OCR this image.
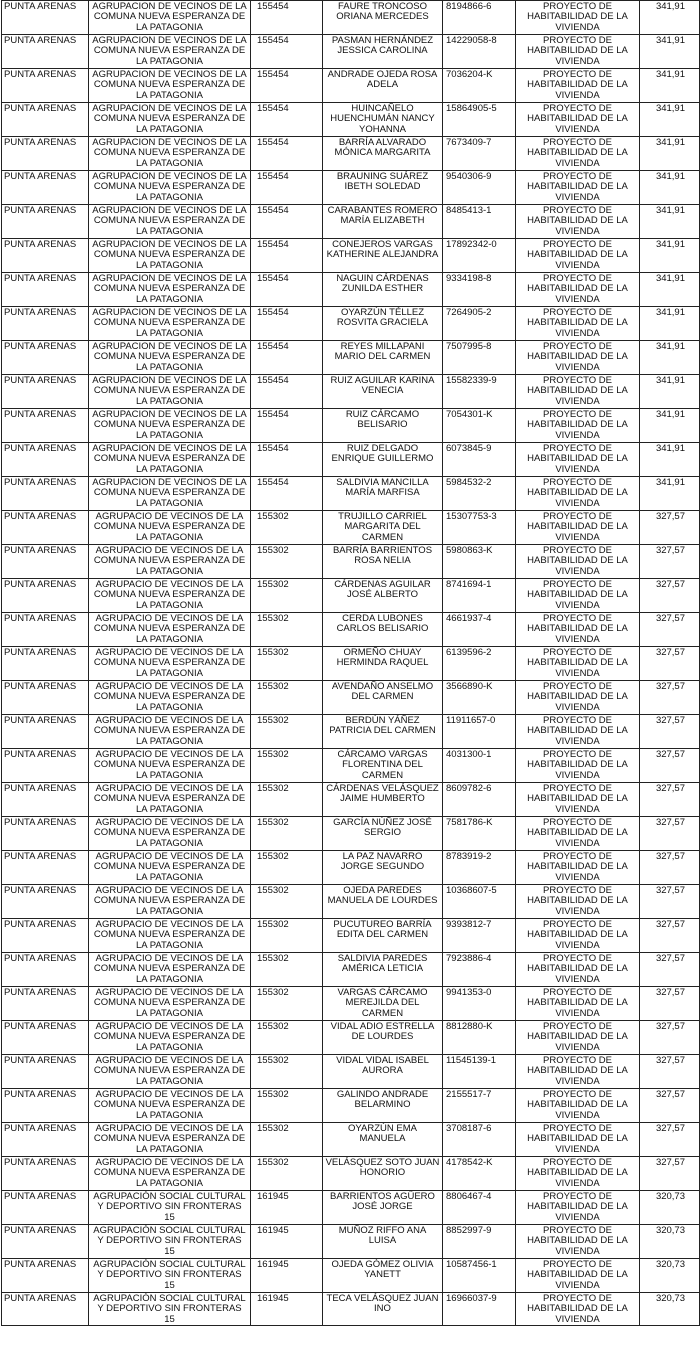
PUNTA ARENAS	AGRUPACION DE VECINOS DE LA COMUNA NUEVA ESPERANZA DE LA PATAGONIA	155454	FAURE TRONCOSO ORIANA MERCEDES	8194866-6	PROYECTO DE HABITABILIDAD DE LA VIVIENDA	341,91
PUNTA ARENAS	AGRUPACION DE VECINOS DE LA COMUNA NUEVA ESPERANZA DE LA PATAGONIA	155454	PASMAN HERNÁNDEZ JESSICA CAROLINA	14229058-8	PROYECTO DE HABITABILIDAD DE LA VIVIENDA	341,91
PUNTA ARENAS	AGRUPACION DE VECINOS DE LA COMUNA NUEVA ESPERANZA DE LA PATAGONIA	155454	ANDRADE OJEDA ROSA ADELA	7036204-K	PROYECTO DE HABITABILIDAD DE LA VIVIENDA	341,91
PUNTA ARENAS	AGRUPACION DE VECINOS DE LA COMUNA NUEVA ESPERANZA DE LA PATAGONIA	155454	HUINCAÑELO HUENCHUMÁN NANCY YOHANNA	15864905-5	PROYECTO DE HABITABILIDAD DE LA VIVIENDA	341,91
PUNTA ARENAS	AGRUPACION DE VECINOS DE LA COMUNA NUEVA ESPERANZA DE LA PATAGONIA	155454	BARRÍA ALVARADO MÓNICA MARGARITA	7673409-7	PROYECTO DE HABITABILIDAD DE LA VIVIENDA	341,91
PUNTA ARENAS	AGRUPACION DE VECINOS DE LA COMUNA NUEVA ESPERANZA DE LA PATAGONIA	155454	BRAUNING SUÁREZ IBETH SOLEDAD	9540306-9	PROYECTO DE HABITABILIDAD DE LA VIVIENDA	341,91
PUNTA ARENAS	AGRUPACION DE VECINOS DE LA COMUNA NUEVA ESPERANZA DE LA PATAGONIA	155454	CARABANTES ROMERO MARÍA ELIZABETH	8485413-1	PROYECTO DE HABITABILIDAD DE LA VIVIENDA	341,91
PUNTA ARENAS	AGRUPACION DE VECINOS DE LA COMUNA NUEVA ESPERANZA DE LA PATAGONIA	155454	CONEJEROS VARGAS KATHERINE ALEJANDRA	17892342-0	PROYECTO DE HABITABILIDAD DE LA VIVIENDA	341,91
PUNTA ARENAS	AGRUPACION DE VECINOS DE LA COMUNA NUEVA ESPERANZA DE LA PATAGONIA	155454	NAGUIN CÁRDENAS ZUNILDA ESTHER	9334198-8	PROYECTO DE HABITABILIDAD DE LA VIVIENDA	341,91
PUNTA ARENAS	AGRUPACION DE VECINOS DE LA COMUNA NUEVA ESPERANZA DE LA PATAGONIA	155454	OYARZÚN TÉLLEZ ROSVITA GRACIELA	7264905-2	PROYECTO DE HABITABILIDAD DE LA VIVIENDA	341,91
PUNTA ARENAS	AGRUPACION DE VECINOS DE LA COMUNA NUEVA ESPERANZA DE LA PATAGONIA	155454	REYES MILLAPANI MARIO DEL CARMEN	7507995-8	PROYECTO DE HABITABILIDAD DE LA VIVIENDA	341,91
PUNTA ARENAS	AGRUPACION DE VECINOS DE LA COMUNA NUEVA ESPERANZA DE LA PATAGONIA	155454	RUIZ AGUILAR KARINA VENECIA	15582339-9	PROYECTO DE HABITABILIDAD DE LA VIVIENDA	341,91
PUNTA ARENAS	AGRUPACION DE VECINOS DE LA COMUNA NUEVA ESPERANZA DE LA PATAGONIA	155454	RUIZ CÁRCAMO BELISARIO	7054301-K	PROYECTO DE HABITABILIDAD DE LA VIVIENDA	341,91
PUNTA ARENAS	AGRUPACION DE VECINOS DE LA COMUNA NUEVA ESPERANZA DE LA PATAGONIA	155454	RUIZ DELGADO ENRIQUE GUILLERMO	6073845-9	PROYECTO DE HABITABILIDAD DE LA VIVIENDA	341,91
PUNTA ARENAS	AGRUPACION DE VECINOS DE LA COMUNA NUEVA ESPERANZA DE LA PATAGONIA	155454	SALDIVIA MANCILLA MARÍA MARFISA	5984532-2	PROYECTO DE HABITABILIDAD DE LA VIVIENDA	341,91
PUNTA ARENAS	AGRUPACIO DE VECINOS DE LA COMUNA NUEVA ESPERANZA DE LA PATAGONIA	155302	TRUJILLO CARRIEL MARGARITA DEL CARMEN	15307753-3	PROYECTO DE HABITABILIDAD DE LA VIVIENDA	327,57
PUNTA ARENAS	AGRUPACIO DE VECINOS DE LA COMUNA NUEVA ESPERANZA DE LA PATAGONIA	155302	BARRÍA BARRIENTOS ROSA NELIA	5980863-K	PROYECTO DE HABITABILIDAD DE LA VIVIENDA	327,57
PUNTA ARENAS	AGRUPACIO DE VECINOS DE LA COMUNA NUEVA ESPERANZA DE LA PATAGONIA	155302	CÁRDENAS AGUILAR JOSÉ ALBERTO	8741694-1	PROYECTO DE HABITABILIDAD DE LA VIVIENDA	327,57
PUNTA ARENAS	AGRUPACIO DE VECINOS DE LA COMUNA NUEVA ESPERANZA DE LA PATAGONIA	155302	CERDA LUBONES CARLOS BELISARIO	4661937-4	PROYECTO DE HABITABILIDAD DE LA VIVIENDA	327,57
PUNTA ARENAS	AGRUPACIO DE VECINOS DE LA COMUNA NUEVA ESPERANZA DE LA PATAGONIA	155302	ORMEÑO CHUAY HERMINDA RAQUEL	6139596-2	PROYECTO DE HABITABILIDAD DE LA VIVIENDA	327,57
PUNTA ARENAS	AGRUPACIO DE VECINOS DE LA COMUNA NUEVA ESPERANZA DE LA PATAGONIA	155302	AVENDAÑO ANSELMO DEL CARMEN	3566890-K	PROYECTO DE HABITABILIDAD DE LA VIVIENDA	327,57
PUNTA ARENAS	AGRUPACIO DE VECINOS DE LA COMUNA NUEVA ESPERANZA DE LA PATAGONIA	155302	BERDÚN YÁÑEZ PATRICIA DEL CARMEN	11911657-0	PROYECTO DE HABITABILIDAD DE LA VIVIENDA	327,57
PUNTA ARENAS	AGRUPACIO DE VECINOS DE LA COMUNA NUEVA ESPERANZA DE LA PATAGONIA	155302	CÁRCAMO VARGAS FLORENTINA DEL CARMEN	4031300-1	PROYECTO DE HABITABILIDAD DE LA VIVIENDA	327,57
PUNTA ARENAS	AGRUPACIO DE VECINOS DE LA COMUNA NUEVA ESPERANZA DE LA PATAGONIA	155302	CÁRDENAS VELÁSQUEZ JAIME HUMBERTO	8609782-6	PROYECTO DE HABITABILIDAD DE LA VIVIENDA	327,57
PUNTA ARENAS	AGRUPACIO DE VECINOS DE LA COMUNA NUEVA ESPERANZA DE LA PATAGONIA	155302	GARCÍA NÚÑEZ JOSÉ SERGIO	7581786-K	PROYECTO DE HABITABILIDAD DE LA VIVIENDA	327,57
PUNTA ARENAS	AGRUPACIO DE VECINOS DE LA COMUNA NUEVA ESPERANZA DE LA PATAGONIA	155302	LA PAZ NAVARRO JORGE SEGUNDO	8783919-2	PROYECTO DE HABITABILIDAD DE LA VIVIENDA	327,57
PUNTA ARENAS	AGRUPACIO DE VECINOS DE LA COMUNA NUEVA ESPERANZA DE LA PATAGONIA	155302	OJEDA PAREDES MANUELA DE LOURDES	10368607-5	PROYECTO DE HABITABILIDAD DE LA VIVIENDA	327,57
PUNTA ARENAS	AGRUPACIO DE VECINOS DE LA COMUNA NUEVA ESPERANZA DE LA PATAGONIA	155302	PUCUTUREO BARRÍA EDITA DEL CARMEN	9393812-7	PROYECTO DE HABITABILIDAD DE LA VIVIENDA	327,57
PUNTA ARENAS	AGRUPACIO DE VECINOS DE LA COMUNA NUEVA ESPERANZA DE LA PATAGONIA	155302	SALDIVIA PAREDES AMÉRICA LETICIA	7923886-4	PROYECTO DE HABITABILIDAD DE LA VIVIENDA	327,57
PUNTA ARENAS	AGRUPACIO DE VECINOS DE LA COMUNA NUEVA ESPERANZA DE LA PATAGONIA	155302	VARGAS CÁRCAMO MEREJILDA DEL CARMEN	9941353-0	PROYECTO DE HABITABILIDAD DE LA VIVIENDA	327,57
PUNTA ARENAS	AGRUPACIO DE VECINOS DE LA COMUNA NUEVA ESPERANZA DE LA PATAGONIA	155302	VIDAL ADIO ESTRELLA DE LOURDES	8812880-K	PROYECTO DE HABITABILIDAD DE LA VIVIENDA	327,57
PUNTA ARENAS	AGRUPACIO DE VECINOS DE LA COMUNA NUEVA ESPERANZA DE LA PATAGONIA	155302	VIDAL VIDAL ISABEL AURORA	11545139-1	PROYECTO DE HABITABILIDAD DE LA VIVIENDA	327,57
PUNTA ARENAS	AGRUPACIO DE VECINOS DE LA COMUNA NUEVA ESPERANZA DE LA PATAGONIA	155302	GALINDO ANDRADE BELARMINO	2155517-7	PROYECTO DE HABITABILIDAD DE LA VIVIENDA	327,57
PUNTA ARENAS	AGRUPACIO DE VECINOS DE LA COMUNA NUEVA ESPERANZA DE LA PATAGONIA	155302	OYARZÚN EMA MANUELA	3708187-6	PROYECTO DE HABITABILIDAD DE LA VIVIENDA	327,57
PUNTA ARENAS	AGRUPACIO DE VECINOS DE LA COMUNA NUEVA ESPERANZA DE LA PATAGONIA	155302	VELÁSQUEZ SOTO JUAN HONORIO	4178542-K	PROYECTO DE HABITABILIDAD DE LA VIVIENDA	327,57
PUNTA ARENAS	AGRUPACIÓN SOCIAL CULTURAL Y DEPORTIVO SIN FRONTERAS 15	161945	BARRIENTOS AGÜERO JOSÉ JORGE	8806467-4	PROYECTO DE HABITABILIDAD DE LA VIVIENDA	320,73
PUNTA ARENAS	AGRUPACIÓN SOCIAL CULTURAL Y DEPORTIVO SIN FRONTERAS 15	161945	MUÑOZ RIFFO ANA LUISA	8852997-9	PROYECTO DE HABITABILIDAD DE LA VIVIENDA	320,73
PUNTA ARENAS	AGRUPACIÓN SOCIAL CULTURAL Y DEPORTIVO SIN FRONTERAS 15	161945	OJEDA GÓMEZ OLIVIA YANETT	10587456-1	PROYECTO DE HABITABILIDAD DE LA VIVIENDA	320,73
PUNTA ARENAS	AGRUPACIÓN SOCIAL CULTURAL Y DEPORTIVO SIN FRONTERAS 15	161945	TECA VELÁSQUEZ JUAN INO	16966037-9	PROYECTO DE HABITABILIDAD DE LA VIVIENDA	320,73
